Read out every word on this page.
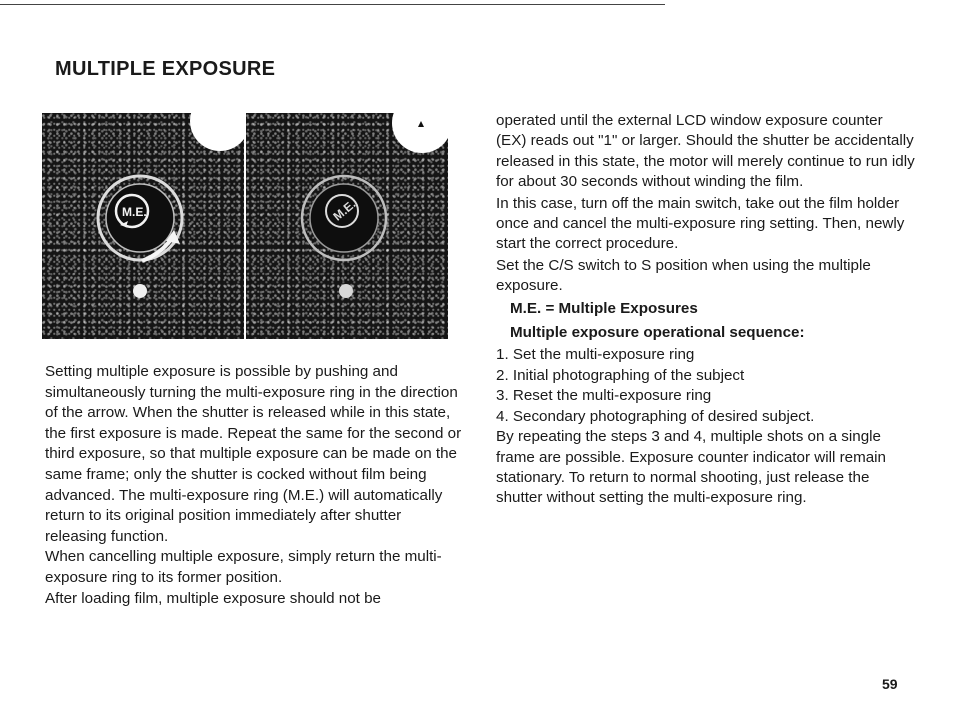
MULTIPLE EXPOSURE
M.E.	M.E.

Setting multiple exposure is possible by pushing and simultaneously turning the multi-exposure ring in the direction of the arrow. When the shutter is released while in this state, the first exposure is made. Repeat the same for the second or third exposure, so that multiple exposure can be made on the same frame; only the shutter is cocked without film being advanced. The multi-exposure ring (M.E.) will automatically return to its original position immediately after shutter releasing function.

When cancelling multiple exposure, simply return the multi-exposure ring to its former position.

After loading film, multiple exposure should not be

operated until the external LCD window exposure counter (EX) reads out "1" or larger. Should the shutter be accidentally released in this state, the motor will merely continue to run idly for about 30 seconds without winding the film.

In this case, turn off the main switch, take out the film holder once and cancel the multi-exposure ring setting. Then, newly start the correct procedure.

Set the C/S switch to S position when using the multiple exposure.

M.E. = Multiple Exposures

Multiple exposure operational sequence:

1. Set the multi-exposure ring
2. Initial photographing of the subject
3. Reset the multi-exposure ring
4. Secondary photographing of desired subject.

By repeating the steps 3 and 4, multiple shots on a single frame are possible. Exposure counter indicator will remain stationary. To return to normal shooting, just release the shutter without setting the multi-exposure ring.

59
